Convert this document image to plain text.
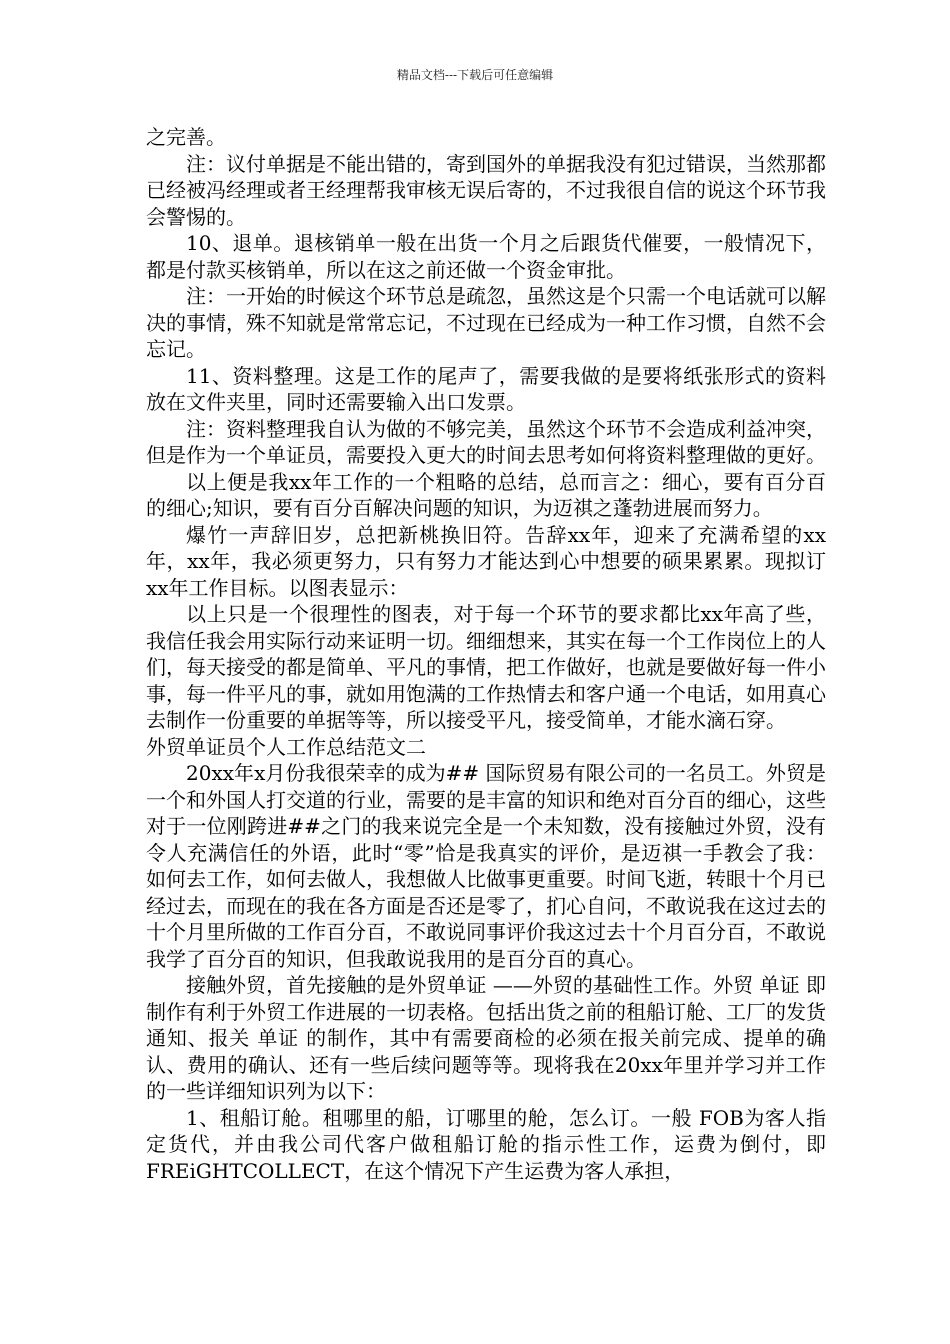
精品文档---下载后可任意编辑

之完善。

注：议付单据是不能出错的，寄到国外的单据我没有犯过错误，当然那都已经被冯经理或者王经理帮我审核无误后寄的，不过我很自信的说这个环节我会警惕的。

10、退单。退核销单一般在出货一个月之后跟货代催要，一般情况下，都是付款买核销单，所以在这之前还做一个资金审批。

注：一开始的时候这个环节总是疏忽，虽然这是个只需一个电话就可以解决的事情，殊不知就是常常忘记，不过现在已经成为一种工作习惯，自然不会忘记。

11、资料整理。这是工作的尾声了，需要我做的是要将纸张形式的资料放在文件夹里，同时还需要输入出口发票。

注：资料整理我自认为做的不够完美，虽然这个环节不会造成利益冲突，但是作为一个单证员，需要投入更大的时间去思考如何将资料整理做的更好。

以上便是我xx年工作的一个粗略的总结，总而言之：细心，要有百分百的细心;知识，要有百分百解决问题的知识，为迈祺之蓬勃进展而努力。

爆竹一声辞旧岁，总把新桃换旧符。告辞xx年，迎来了充满希望的xx年，xx年，我必须更努力，只有努力才能达到心中想要的硕果累累。现拟订xx年工作目标。以图表显示：

以上只是一个很理性的图表，对于每一个环节的要求都比xx年高了些，我信任我会用实际行动来证明一切。细细想来，其实在每一个工作岗位上的人们，每天接受的都是简单、平凡的事情，把工作做好，也就是要做好每一件小事，每一件平凡的事，就如用饱满的工作热情去和客户通一个电话，如用真心去制作一份重要的单据等等，所以接受平凡，接受简单，才能水滴石穿。

外贸单证员个人工作总结范文二

20xx年x月份我很荣幸的成为## 国际贸易有限公司的一名员工。外贸是一个和外国人打交道的行业，需要的是丰富的知识和绝对百分百的细心，这些对于一位刚跨进##之门的我来说完全是一个未知数，没有接触过外贸，没有令人充满信任的外语，此时“零”恰是我真实的评价，是迈祺一手教会了我：如何去工作，如何去做人，我想做人比做事更重要。时间飞逝，转眼十个月已经过去，而现在的我在各方面是否还是零了，扪心自问，不敢说我在这过去的十个月里所做的工作百分百，不敢说同事评价我这过去十个月百分百，不敢说我学了百分百的知识，但我敢说我用的是百分百的真心。

接触外贸，首先接触的是外贸单证 ——外贸的基础性工作。外贸 单证 即制作有利于外贸工作进展的一切表格。包括出货之前的租船订舱、工厂的发货通知、报关 单证 的制作，其中有需要商检的必须在报关前完成、提单的确认、费用的确认、还有一些后续问题等等。现将我在20xx年里并学习并工作的一些详细知识列为以下：

1、租船订舱。租哪里的船，订哪里的舱，怎么订。一般 FOB为客人指定货代，并由我公司代客户做租船订舱的指示性工作，运费为倒付，即FREiGHTCOLLECT，在这个情况下产生运费为客人承担，
